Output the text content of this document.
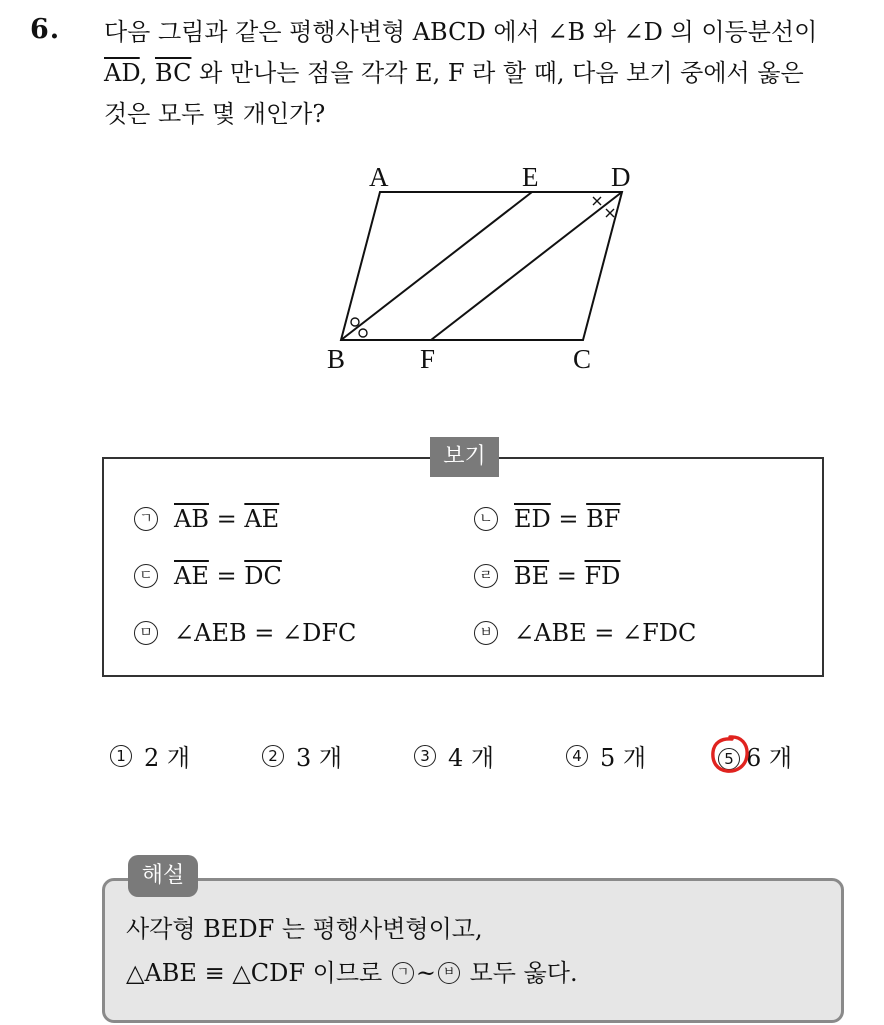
6. 다음 그림과 같은 평행사변형 ABCD 에서 ∠B 와 ∠D 의 이등분선이
$\overline{AD}$, $\overline{BC}$ 와 만나는 점을 각각 E, F 라 할 때, 다음 보기 중에서 옳은
것은 모두 몇 개인가?
A	E	D
B	F	C
보기
ㄱ $\overline{AB} = \overline{AE}$	ㄴ $\overline{ED} = \overline{BF}$
ㄷ $\overline{AE} = \overline{DC}$	ㄹ $\overline{BE} = \overline{FD}$
ㅁ ∠AEB = ∠DFC	ㅂ ∠ABE = ∠FDC
1 2 개	2 3 개	3 4 개	4 5 개	5 6 개
해설
사각형 BEDF 는 평행사변형이고,
△ABE ≡ △CDF 이므로 ㄱ ~ ㅂ 모두 옳다.
